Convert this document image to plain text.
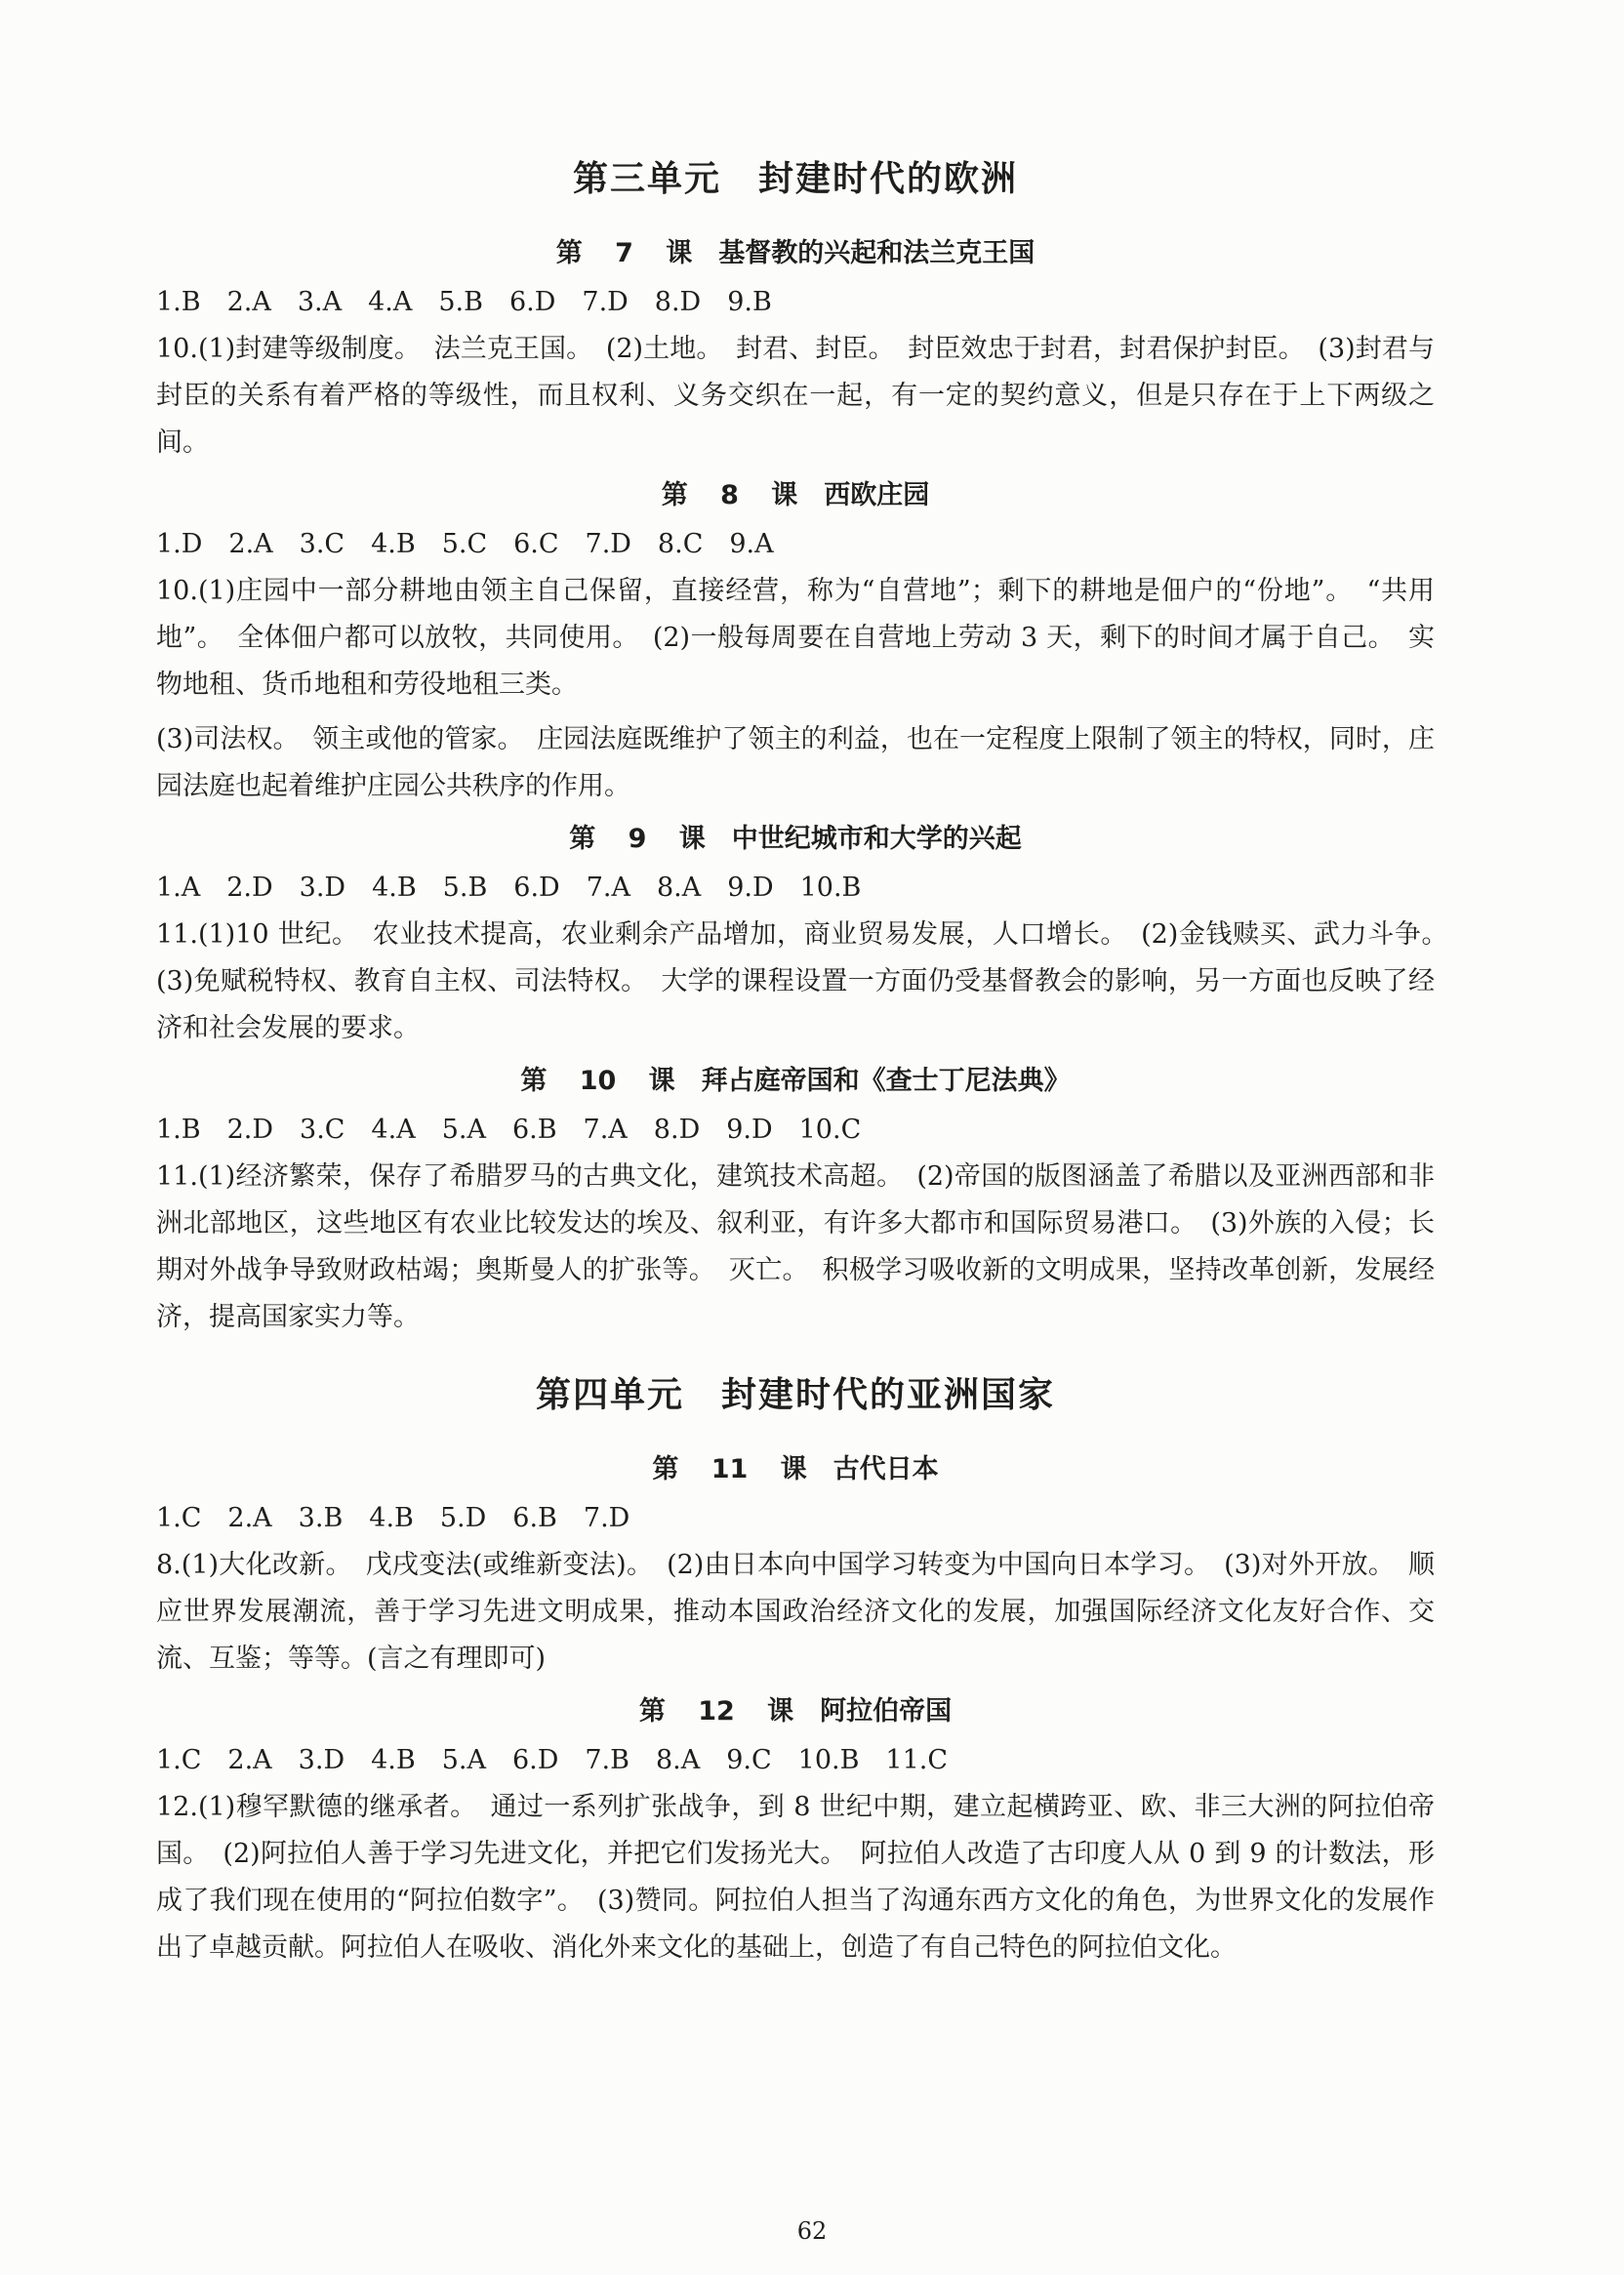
第三单元　封建时代的欧洲
第 7 课　基督教的兴起和法兰克王国
1.B　2.A　3.A　4.A　5.B　6.D　7.D　8.D　9.B

10.(1)封建等级制度。　法兰克王国。　(2)土地。　封君、封臣。　封臣效忠于封君，封君保护封臣。　(3)封君与封臣的关系有着严格的等级性，而且权利、义务交织在一起，有一定的契约意义，但是只存在于上下两级之间。

第 8 课　西欧庄园
1.D　2.A　3.C　4.B　5.C　6.C　7.D　8.C　9.A

10.(1)庄园中一部分耕地由领主自己保留，直接经营，称为“自营地”；剩下的耕地是佃户的“份地”。　“共用地”。　全体佃户都可以放牧，共同使用。　(2)一般每周要在自营地上劳动 3 天，剩下的时间才属于自己。　实物地租、货币地租和劳役地租三类。

(3)司法权。　领主或他的管家。　庄园法庭既维护了领主的利益，也在一定程度上限制了领主的特权，同时，庄园法庭也起着维护庄园公共秩序的作用。

第 9 课　中世纪城市和大学的兴起
1.A　2.D　3.D　4.B　5.B　6.D　7.A　8.A　9.D　10.B

11.(1)10 世纪。　农业技术提高，农业剩余产品增加，商业贸易发展，人口增长。　(2)金钱赎买、武力斗争。　(3)免赋税特权、教育自主权、司法特权。　大学的课程设置一方面仍受基督教会的影响，另一方面也反映了经济和社会发展的要求。

第 10 课　拜占庭帝国和《查士丁尼法典》
1.B　2.D　3.C　4.A　5.A　6.B　7.A　8.D　9.D　10.C

11.(1)经济繁荣，保存了希腊罗马的古典文化，建筑技术高超。　(2)帝国的版图涵盖了希腊以及亚洲西部和非洲北部地区，这些地区有农业比较发达的埃及、叙利亚，有许多大都市和国际贸易港口。　(3)外族的入侵；长期对外战争导致财政枯竭；奥斯曼人的扩张等。　灭亡。　积极学习吸收新的文明成果，坚持改革创新，发展经济，提高国家实力等。

第四单元　封建时代的亚洲国家
第 11 课　古代日本
1.C　2.A　3.B　4.B　5.D　6.B　7.D

8.(1)大化改新。　戊戌变法(或维新变法)。　(2)由日本向中国学习转变为中国向日本学习。　(3)对外开放。　顺应世界发展潮流，善于学习先进文明成果，推动本国政治经济文化的发展，加强国际经济文化友好合作、交流、互鉴；等等。(言之有理即可)

第 12 课　阿拉伯帝国
1.C　2.A　3.D　4.B　5.A　6.D　7.B　8.A　9.C　10.B　11.C

12.(1)穆罕默德的继承者。　通过一系列扩张战争，到 8 世纪中期，建立起横跨亚、欧、非三大洲的阿拉伯帝国。　(2)阿拉伯人善于学习先进文化，并把它们发扬光大。　阿拉伯人改造了古印度人从 0 到 9 的计数法，形成了我们现在使用的“阿拉伯数字”。　(3)赞同。阿拉伯人担当了沟通东西方文化的角色，为世界文化的发展作出了卓越贡献。阿拉伯人在吸收、消化外来文化的基础上，创造了有自己特色的阿拉伯文化。

62
